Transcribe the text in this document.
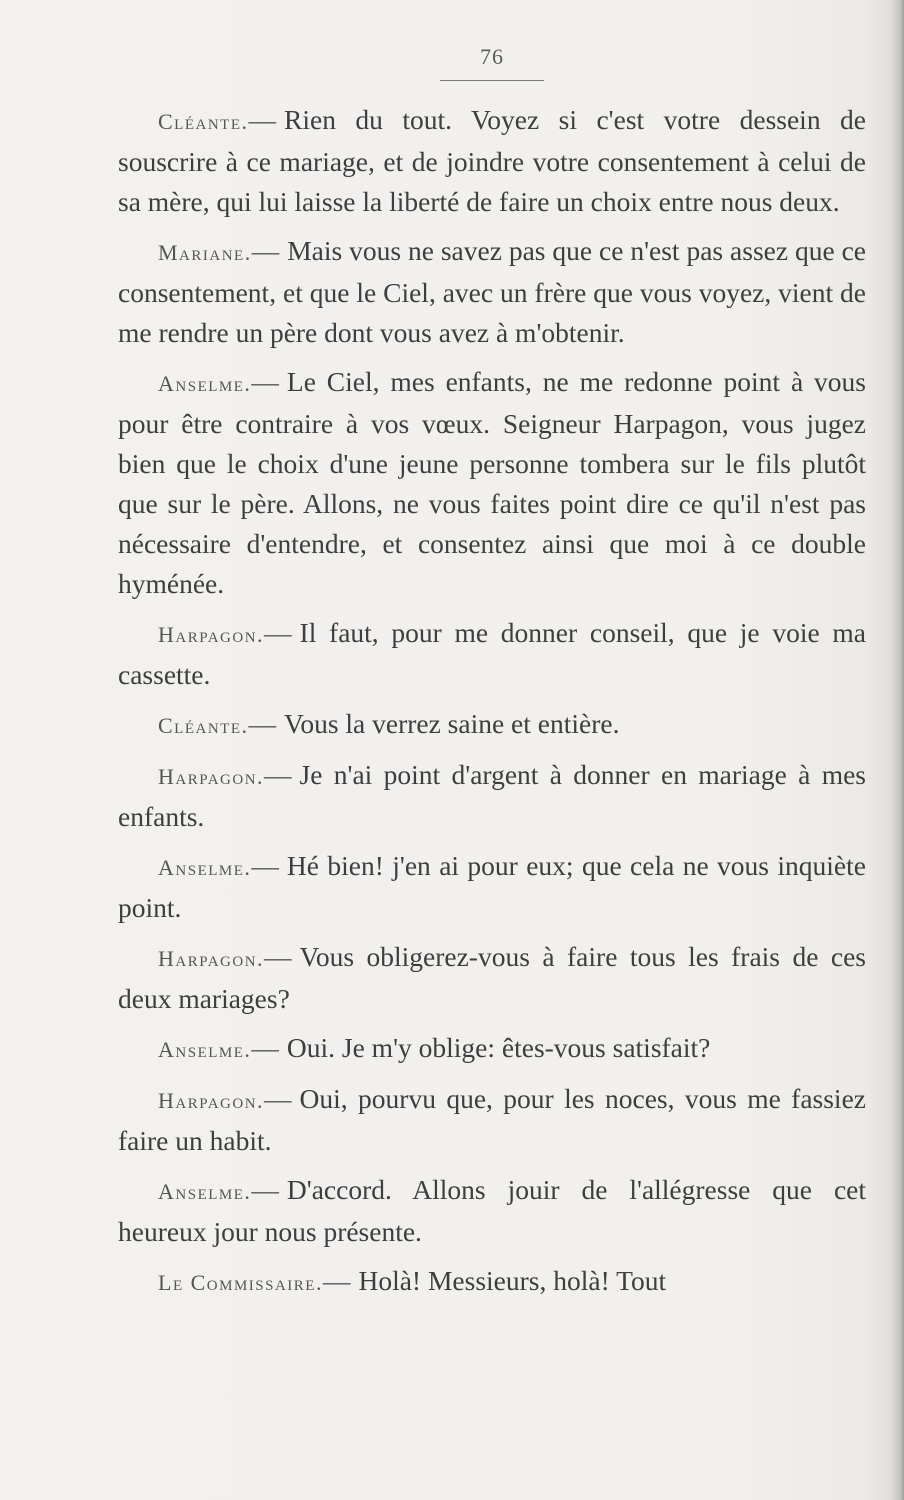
76

Cléante.— Rien du tout. Voyez si c'est votre dessein de souscrire à ce mariage, et de joindre votre consentement à celui de sa mère, qui lui laisse la liberté de faire un choix entre nous deux.

Mariane.— Mais vous ne savez pas que ce n'est pas assez que ce consentement, et que le Ciel, avec un frère que vous voyez, vient de me rendre un père dont vous avez à m'obtenir.

Anselme.— Le Ciel, mes enfants, ne me redonne point à vous pour être contraire à vos vœux. Seigneur Harpagon, vous jugez bien que le choix d'une jeune personne tombera sur le fils plutôt que sur le père. Allons, ne vous faites point dire ce qu'il n'est pas nécessaire d'entendre, et consentez ainsi que moi à ce double hyménée.

Harpagon.— Il faut, pour me donner conseil, que je voie ma cassette.

Cléante.— Vous la verrez saine et entière.

Harpagon.— Je n'ai point d'argent à donner en mariage à mes enfants.

Anselme.— Hé bien! j'en ai pour eux; que cela ne vous inquiète point.

Harpagon.— Vous obligerez-vous à faire tous les frais de ces deux mariages?

Anselme.— Oui. Je m'y oblige: êtes-vous satisfait?

Harpagon.— Oui, pourvu que, pour les noces, vous me fassiez faire un habit.

Anselme.— D'accord. Allons jouir de l'allégresse que cet heureux jour nous présente.

Le Commissaire.— Holà! Messieurs, holà! Tout
